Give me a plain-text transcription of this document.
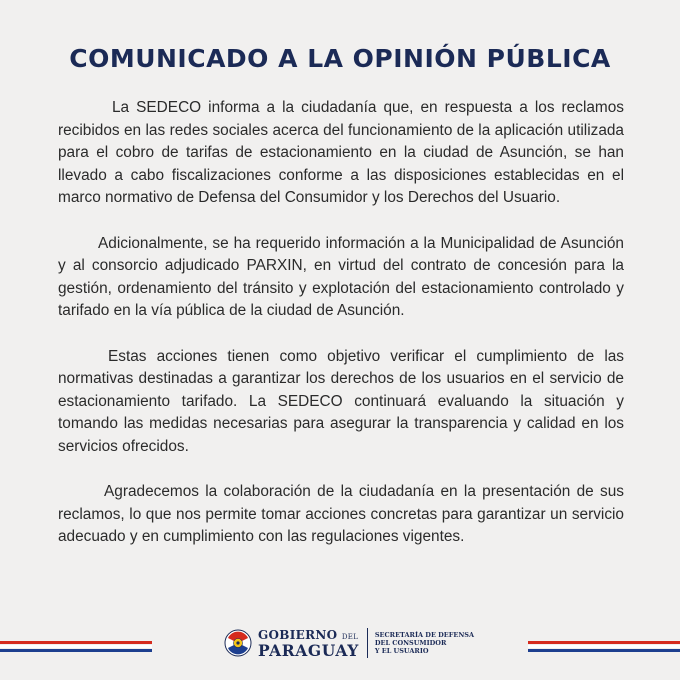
COMUNICADO A LA OPINIÓN PÚBLICA

La SEDECO informa a la ciudadanía que, en respuesta a los reclamos recibidos en las redes sociales acerca del funcionamiento de la aplicación utilizada para el cobro de tarifas de estacionamiento en la ciudad de Asunción, se han llevado a cabo fiscalizaciones conforme a las disposiciones establecidas en el marco normativo de Defensa del Consumidor y los Derechos del Usuario.

Adicionalmente, se ha requerido información a la Municipalidad de Asunción y al consorcio adjudicado PARXIN, en virtud del contrato de concesión para la gestión, ordenamiento del tránsito y explotación del estacionamiento controlado y tarifado en la vía pública de la ciudad de Asunción.

Estas acciones tienen como objetivo verificar el cumplimiento de las normativas destinadas a garantizar los derechos de los usuarios en el servicio de estacionamiento tarifado. La SEDECO continuará evaluando la situación y tomando las medidas necesarias para asegurar la transparencia y calidad en los servicios ofrecidos.

Agradecemos la colaboración de la ciudadanía en la presentación de sus reclamos, lo que nos permite tomar acciones concretas para garantizar un servicio adecuado y en cumplimiento con las regulaciones vigentes.

GOBIERNO DEL
PARAGUAY
SECRETARÍA DE DEFENSA
DEL CONSUMIDOR
Y EL USUARIO
